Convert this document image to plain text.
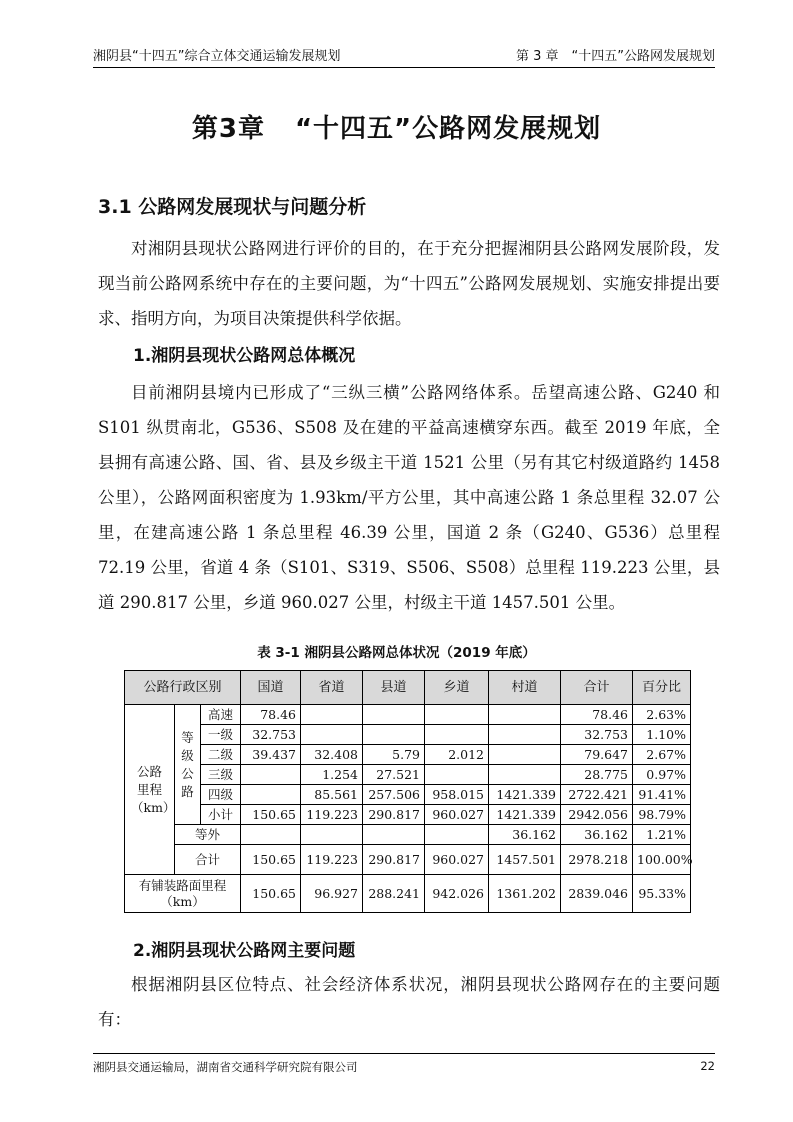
湘阴县“十四五”综合立体交通运输发展规划	第 3 章　“十四五”公路网发展规划
第3章 “十四五”公路网发展规划
3.1 公路网发展现状与问题分析

对湘阴县现状公路网进行评价的目的，在于充分把握湘阴县公路网发展阶段，发现当前公路网系统中存在的主要问题，为“十四五”公路网发展规划、实施安排提出要求、指明方向，为项目决策提供科学依据。

1.湘阴县现状公路网总体概况

目前湘阴县境内已形成了“三纵三横”公路网络体系。岳望高速公路、G240 和 S101 纵贯南北，G536、S508 及在建的平益高速横穿东西。截至 2019 年底，全县拥有高速公路、国、省、县及乡级主干道 1521 公里（另有其它村级道路约 1458 公里），公路网面积密度为 1.93km/平方公里，其中高速公路 1 条总里程 32.07 公里，在建高速公路 1 条总里程 46.39 公里，国道 2 条（G240、G536）总里程 72.19 公里，省道 4 条（S101、S319、S506、S508）总里程 119.223 公里，县道 290.817 公里，乡道 960.027 公里，村级主干道 1457.501 公里。

表 3-1 湘阴县公路网总体状况（2019 年底）
公路行政区别			国道	省道	县道	乡道	村道	合计	百分比
公路里程（km）	等级公路	高速	78.46					78.46	2.63%
		一级	32.753					32.753	1.10%
		二级	39.437	32.408	5.79	2.012		79.647	2.67%
		三级		1.254	27.521			28.775	0.97%
		四级		85.561	257.506	958.015	1421.339	2722.421	91.41%
		小计	150.65	119.223	290.817	960.027	1421.339	2942.056	98.79%
	等外						36.162	36.162	1.21%
	合计		150.65	119.223	290.817	960.027	1457.501	2978.218	100.00%
有铺装路面里程（km）			150.65	96.927	288.241	942.026	1361.202	2839.046	95.33%
2.湘阴县现状公路网主要问题

根据湘阴县区位特点、社会经济体系状况，湘阴县现状公路网存在的主要问题有：

湘阴县交通运输局，湖南省交通科学研究院有限公司	22
